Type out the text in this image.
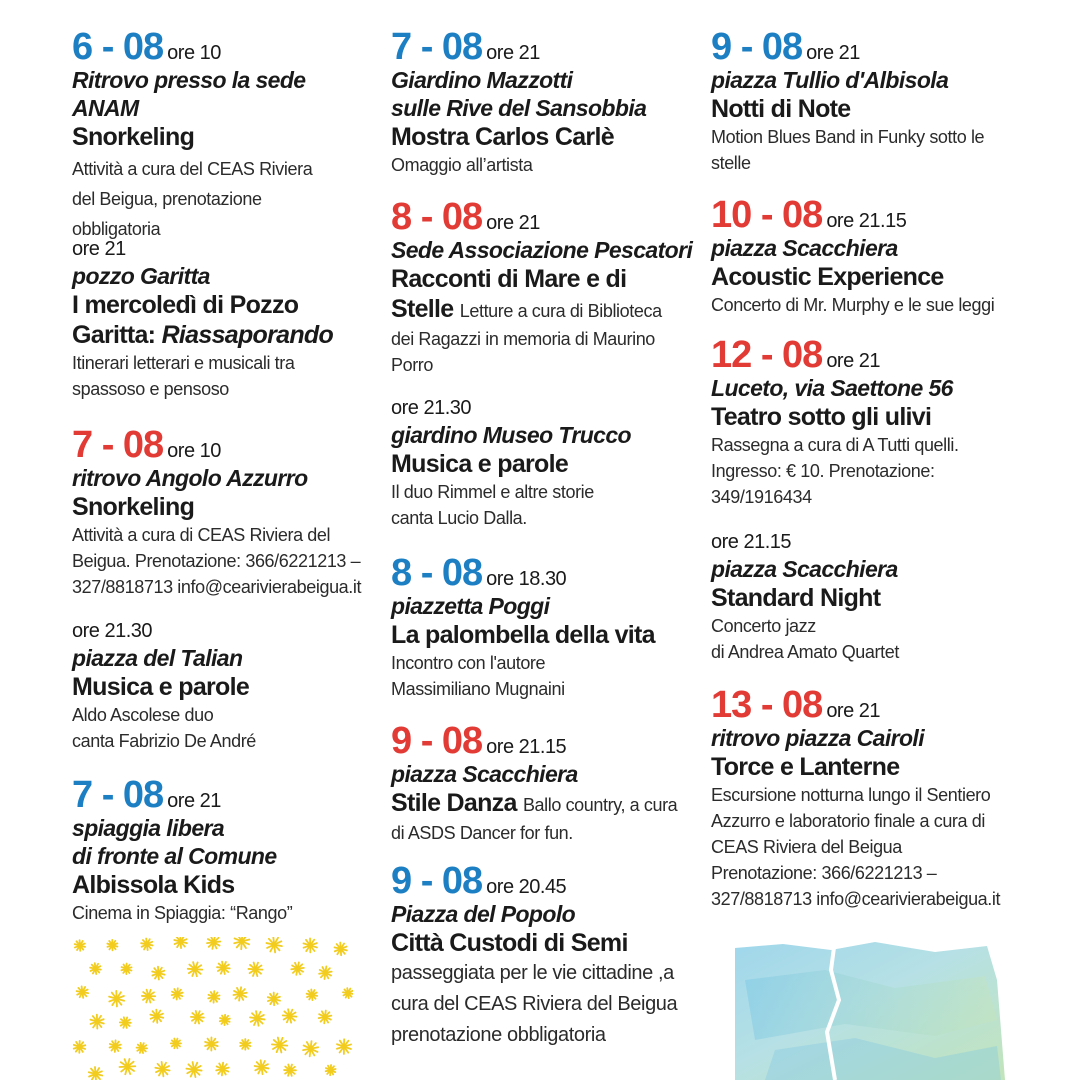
6 - 08 ore 10
Ritrovo presso la sede ANAM
Snorkeling
Attività a cura del CEAS Riviera
del Beigua, prenotazione
obbligatoria
ore 21
pozzo Garitta
I mercoledì di Pozzo
Garitta: Riassaporando
Itinerari letterari e musicali tra
spassoso e pensoso
7 - 08 ore 10
ritrovo Angolo Azzurro
Snorkeling
Attività a cura di CEAS Riviera del
Beigua. Prenotazione: 366/6221213 –
327/8818713 info@cearivierabeigua.it
ore 21.30
piazza del Talian
Musica e parole
Aldo Ascolese duo
canta Fabrizio De André
7 - 08 ore 21
spiaggia libera
di fronte al Comune
Albissola Kids
Cinema in Spiaggia: “Rango”
7 - 08 ore 21
Giardino Mazzotti
sulle Rive del Sansobbia
Mostra Carlos Carlè
Omaggio all’artista
8 - 08 ore 21
Sede Associazione Pescatori
Racconti di Mare e di
Stelle Letture a cura di Biblioteca
dei Ragazzi in memoria di Maurino
Porro
ore 21.30
giardino Museo Trucco
Musica e parole
Il duo Rimmel e altre storie
canta Lucio Dalla.
8 - 08 ore 18.30
piazzetta Poggi
La palombella della vita
Incontro con l'autore
Massimiliano Mugnaini
9 - 08 ore 21.15
piazza Scacchiera
Stile Danza Ballo country, a cura
di ASDS Dancer for fun.
9 - 08 ore 20.45
Piazza del Popolo
Città Custodi di Semi
passeggiata per le vie cittadine ,a
cura del CEAS Riviera del Beigua
prenotazione obbligatoria
9 - 08 ore 21
piazza Tullio d'Albisola
Notti di Note
Motion Blues Band in Funky sotto le
stelle
10 - 08 ore 21.15
piazza Scacchiera
Acoustic Experience
Concerto di Mr. Murphy e le sue leggi
12 - 08 ore 21
Luceto, via Saettone 56
Teatro sotto gli ulivi
Rassegna a cura di A Tutti quelli.
Ingresso: € 10. Prenotazione:
349/1916434
ore 21.15
piazza Scacchiera
Standard Night
Concerto jazz
di Andrea Amato Quartet
13 - 08 ore 21
ritrovo piazza Cairoli
Torce e Lanterne
Escursione notturna lungo il Sentiero
Azzurro e laboratorio finale a cura di
CEAS Riviera del Beigua
Prenotazione: 366/6221213 –
327/8818713 info@cearivierabeigua.it
